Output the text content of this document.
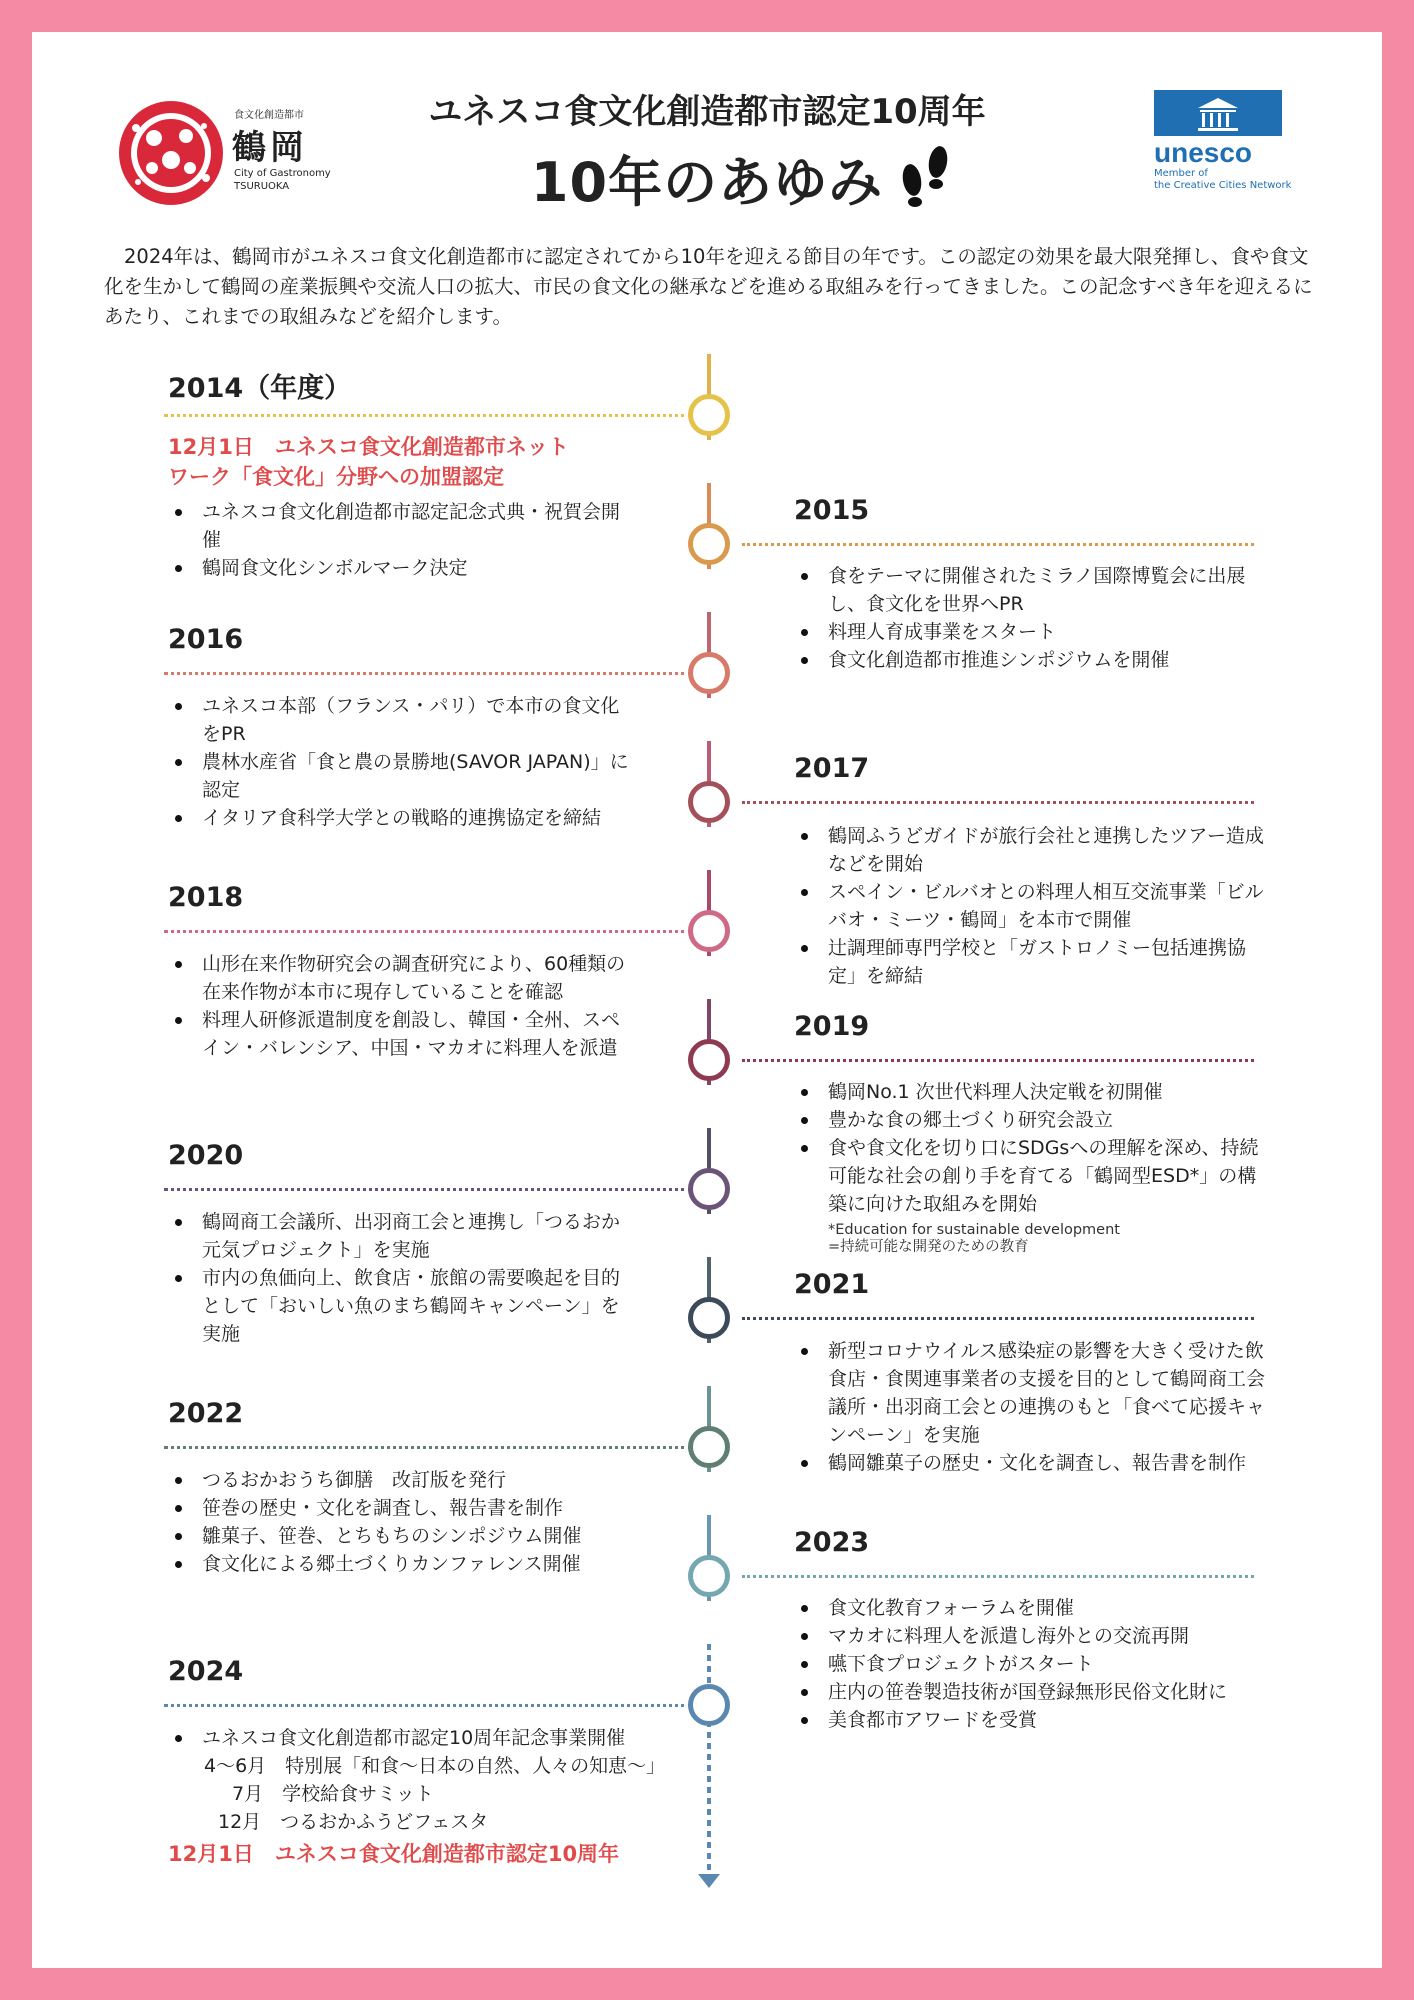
食文化創造都市
鶴岡
City of Gastronomy
TSURUOKA
ユネスコ食文化創造都市認定10周年
10年のあゆみ	unesco
Member of
the Creative Cities Network
2024年は、鶴岡市がユネスコ食文化創造都市に認定されてから10年を迎える節目の年です。この認定の効果を最大限発揮し、食や食文化を生かして鶴岡の産業振興や交流人口の拡大、市民の食文化の継承などを進める取組みを行ってきました。この記念すべき年を迎えるにあたり、これまでの取組みなどを紹介します。
2014（年度）
12月1日　ユネスコ食文化創造都市ネット
ワーク「食文化」分野への加盟認定
ユネスコ食文化創造都市認定記念式典・祝賀会開催
鶴岡食文化シンボルマーク決定
2015
食をテーマに開催されたミラノ国際博覧会に出展し、食文化を世界へPR
料理人育成事業をスタート
食文化創造都市推進シンポジウムを開催
2016
ユネスコ本部（フランス・パリ）で本市の食文化をPR
農林水産省「食と農の景勝地(SAVOR JAPAN)」に認定
イタリア食科学大学との戦略的連携協定を締結
2017
鶴岡ふうどガイドが旅行会社と連携したツアー造成などを開始
スペイン・ビルバオとの料理人相互交流事業「ビルバオ・ミーツ・鶴岡」を本市で開催
辻調理師専門学校と「ガストロノミー包括連携協定」を締結
2018
山形在来作物研究会の調査研究により、60種類の在来作物が本市に現存していることを確認
料理人研修派遣制度を創設し、韓国・全州、スペイン・バレンシア、中国・マカオに料理人を派遣
2019
鶴岡No.1 次世代料理人決定戦を初開催
豊かな食の郷土づくり研究会設立
食や食文化を切り口にSDGsへの理解を深め、持続可能な社会の創り手を育てる「鶴岡型ESD*」の構築に向けた取組みを開始
*Education for sustainable development
=持続可能な開発のための教育
2020
鶴岡商工会議所、出羽商工会と連携し「つるおか元気プロジェクト」を実施
市内の魚価向上、飲食店・旅館の需要喚起を目的として「おいしい魚のまち鶴岡キャンペーン」を実施
2021
新型コロナウイルス感染症の影響を大きく受けた飲食店・食関連事業者の支援を目的として鶴岡商工会議所・出羽商工会との連携のもと「食べて応援キャンペーン」を実施
鶴岡雛菓子の歴史・文化を調査し、報告書を制作
2022
つるおかおうち御膳　改訂版を発行
笹巻の歴史・文化を調査し、報告書を制作
雛菓子、笹巻、とちもちのシンポジウム開催
食文化による郷土づくりカンファレンス開催
2023
食文化教育フォーラムを開催
マカオに料理人を派遣し海外との交流再開
嚥下食プロジェクトがスタート
庄内の笹巻製造技術が国登録無形民俗文化財に
美食都市アワードを受賞
2024
ユネスコ食文化創造都市認定10周年記念事業開催
4〜6月　特別展「和食〜日本の自然、人々の知恵〜」
7月　学校給食サミット
12月　つるおかふうどフェスタ
12月1日　ユネスコ食文化創造都市認定10周年
